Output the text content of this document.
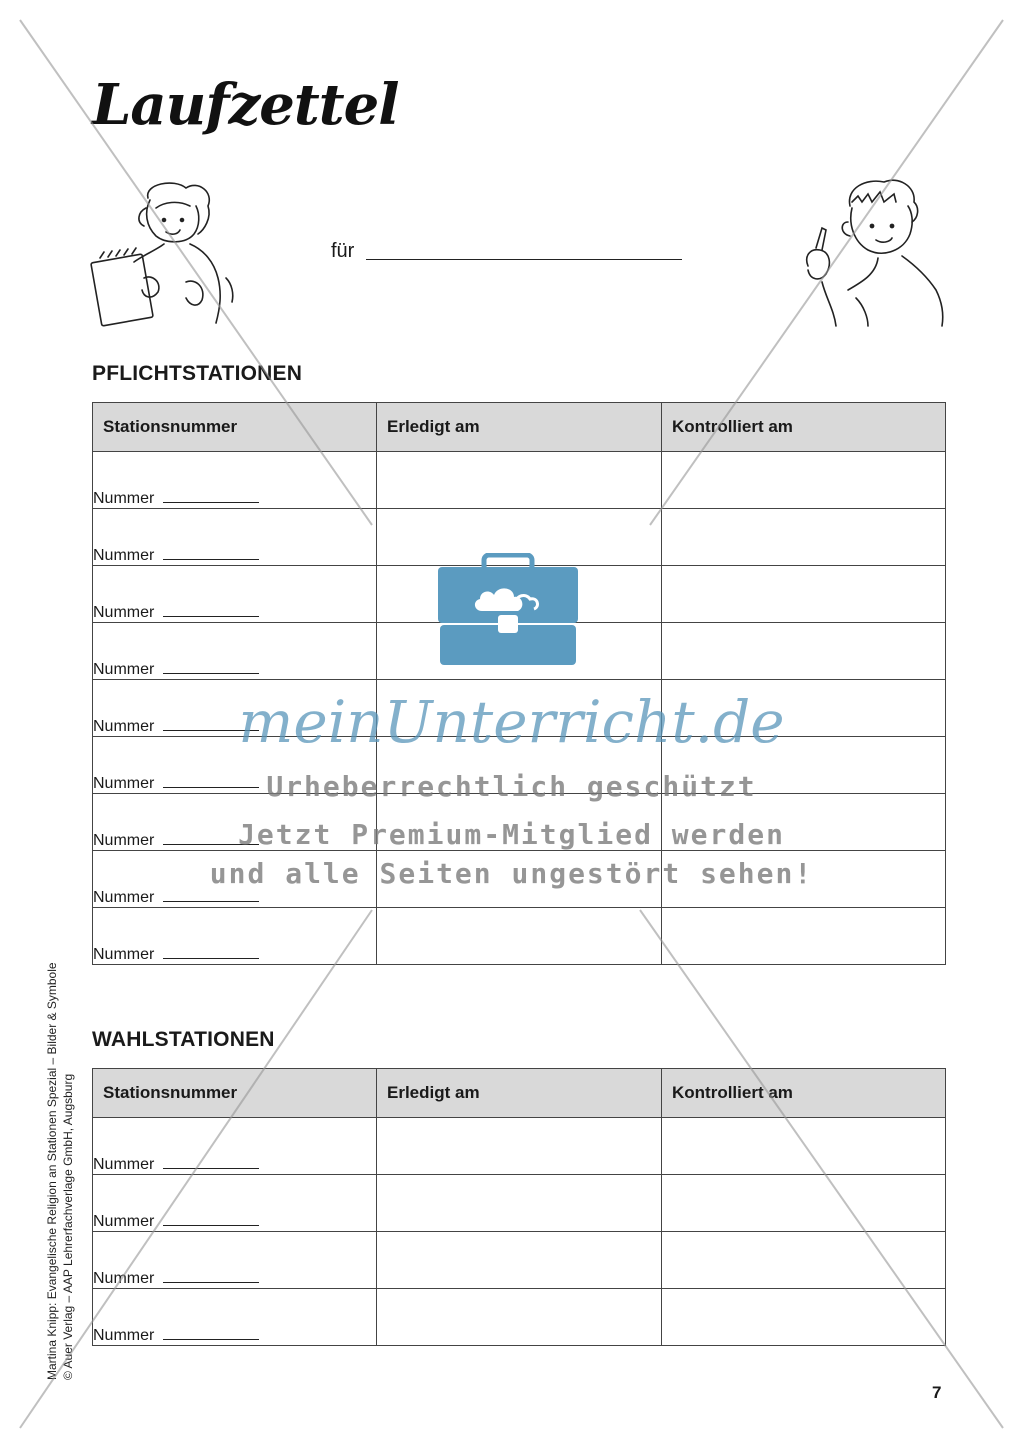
Laufzettel
für
PFLICHTSTATIONEN
Stationsnummer	Erledigt am	Kontrolliert am
Nummer		
Nummer		
Nummer		
Nummer		
Nummer		
Nummer		
Nummer		
Nummer		
Nummer		
WAHLSTATIONEN
Stationsnummer	Erledigt am	Kontrolliert am
Nummer		
Nummer		
Nummer		
Nummer		
Martina Knipp: Evangelische Religion an Stationen Spezial – Bilder & Symbole © Auer Verlag – AAP Lehrerfachverlage GmbH, Augsburg
7
meinUnterricht.de
Urheberrechtlich geschützt
Jetzt Premium-Mitglied werden
und alle Seiten ungestört sehen!
